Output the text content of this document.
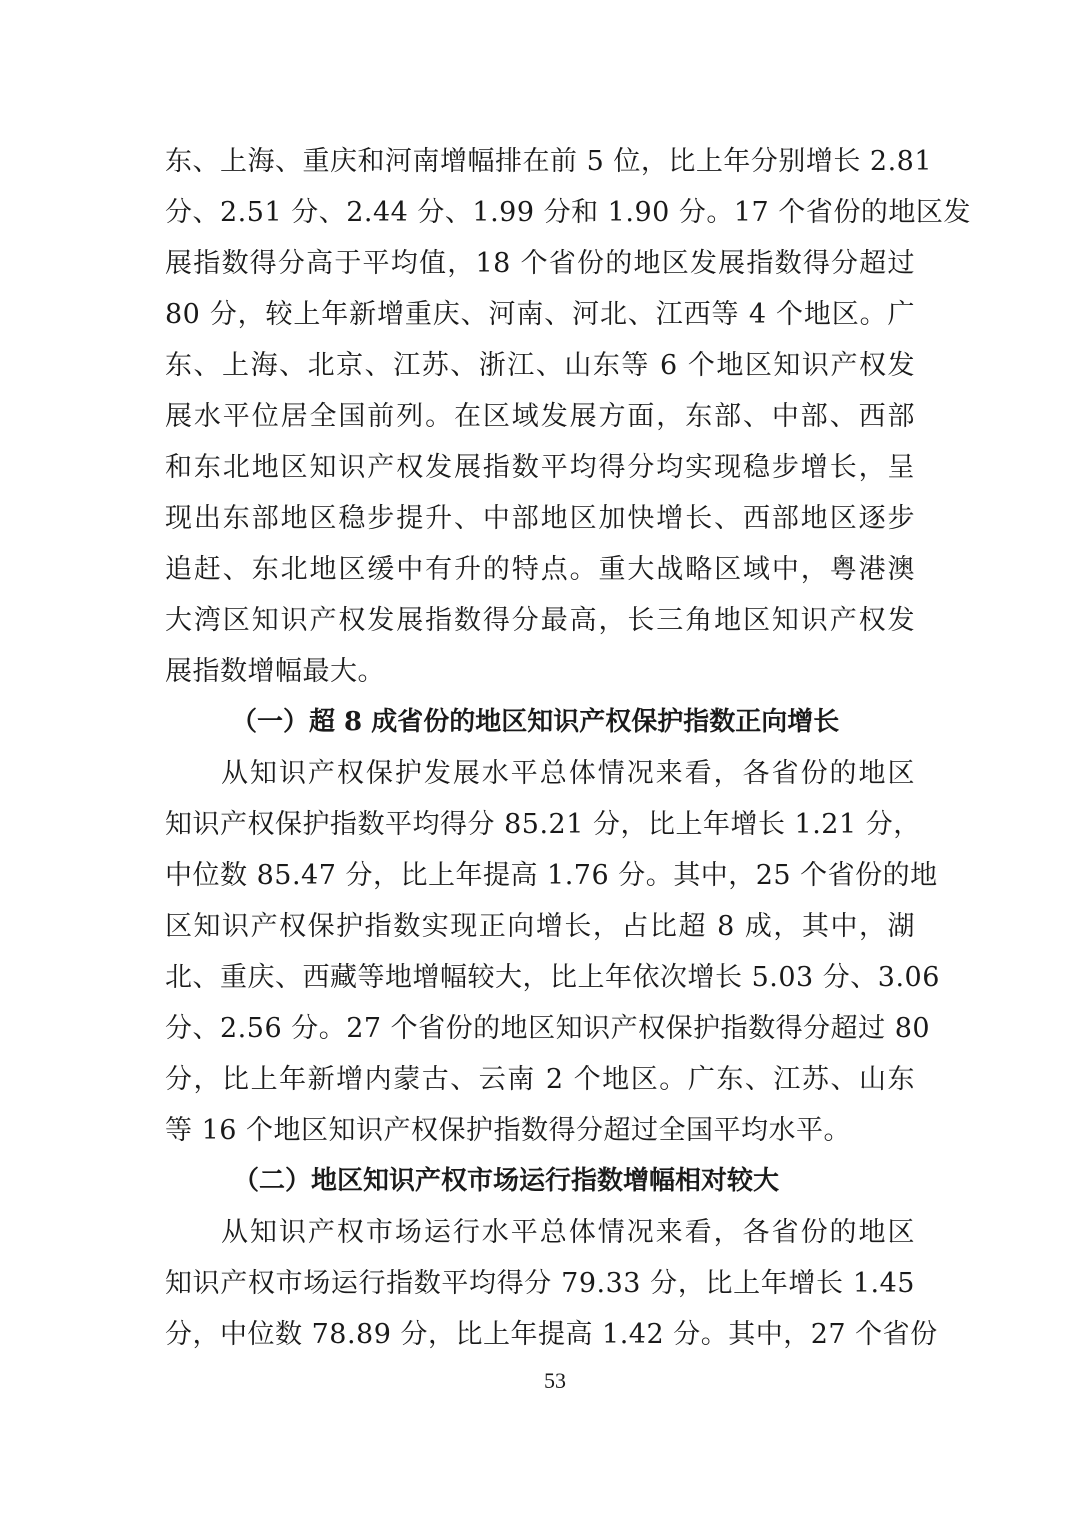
东、上海、重庆和河南增幅排在前 5 位，比上年分别增长 2.81
分、2.51 分、2.44 分、1.99 分和 1.90 分。17 个省份的地区发
展指数得分高于平均值，18 个省份的地区发展指数得分超过
80 分，较上年新增重庆、河南、河北、江西等 4 个地区。广
东、上海、北京、江苏、浙江、山东等 6 个地区知识产权发
展水平位居全国前列。在区域发展方面，东部、中部、西部
和东北地区知识产权发展指数平均得分均实现稳步增长，呈
现出东部地区稳步提升、中部地区加快增长、西部地区逐步
追赶、东北地区缓中有升的特点。重大战略区域中，粤港澳
大湾区知识产权发展指数得分最高，长三角地区知识产权发
展指数增幅最大。
（一）超 8 成省份的地区知识产权保护指数正向增长
从知识产权保护发展水平总体情况来看，各省份的地区
知识产权保护指数平均得分 85.21 分，比上年增长 1.21 分，
中位数 85.47 分，比上年提高 1.76 分。其中，25 个省份的地
区知识产权保护指数实现正向增长，占比超 8 成，其中，湖
北、重庆、西藏等地增幅较大，比上年依次增长 5.03 分、3.06
分、2.56 分。27 个省份的地区知识产权保护指数得分超过 80
分，比上年新增内蒙古、云南 2 个地区。广东、江苏、山东
等 16 个地区知识产权保护指数得分超过全国平均水平。
（二）地区知识产权市场运行指数增幅相对较大
从知识产权市场运行水平总体情况来看，各省份的地区
知识产权市场运行指数平均得分 79.33 分，比上年增长 1.45
分，中位数 78.89 分，比上年提高 1.42 分。其中，27 个省份
53
